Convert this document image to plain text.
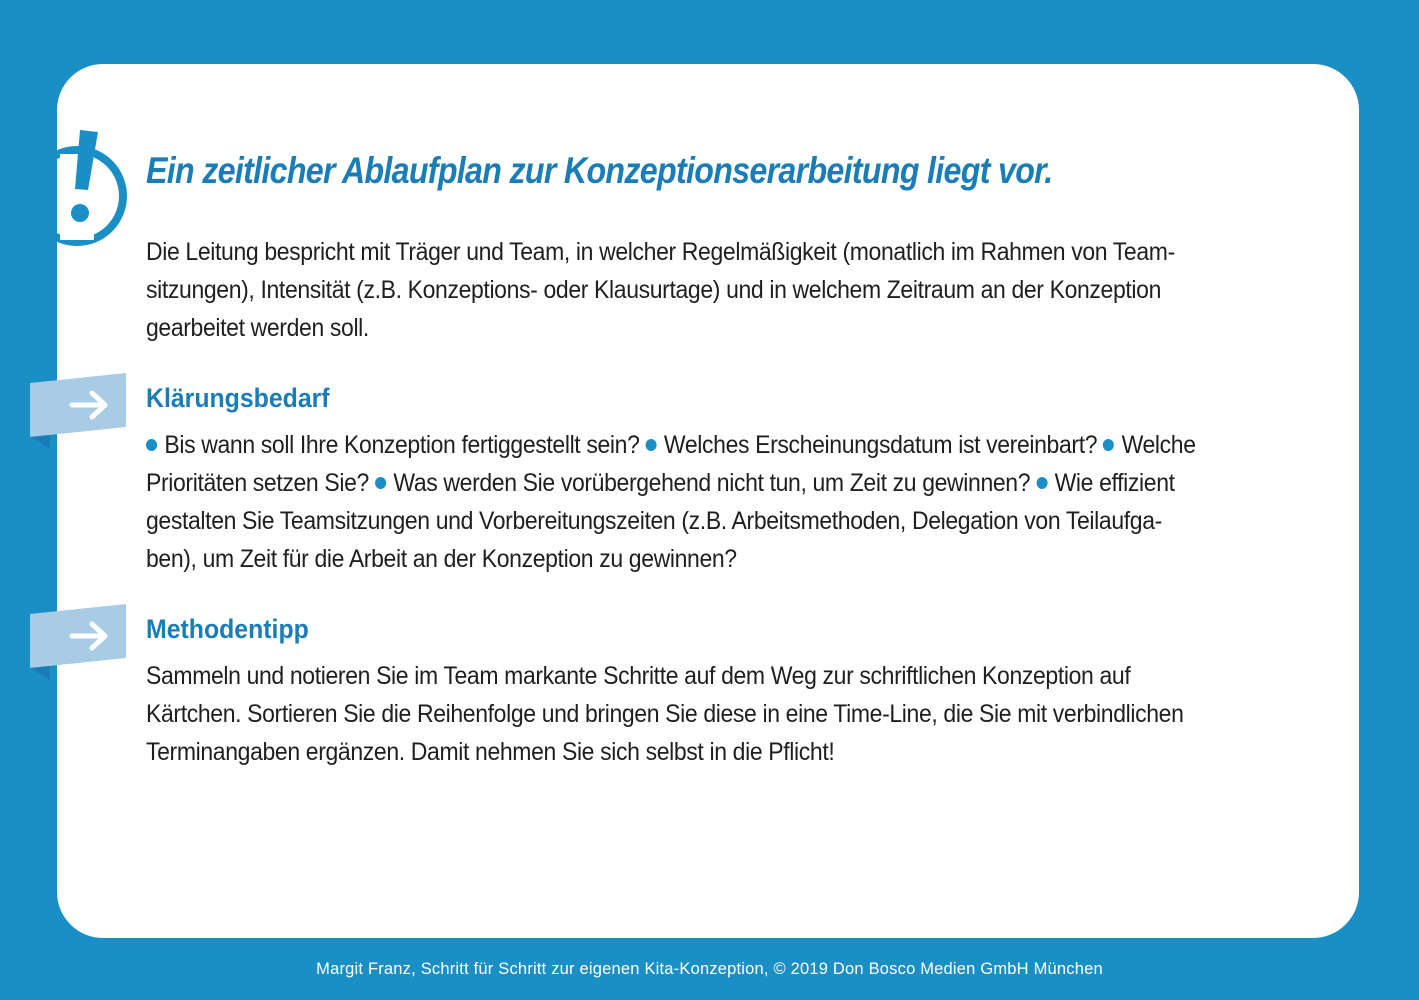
Ein zeitlicher Ablaufplan zur Konzeptionserarbeitung liegt vor.
Die Leitung bespricht mit Träger und Team, in welcher Regelmäßigkeit (monatlich im Rahmen von Team-
sitzungen), Intensität (z.B. Konzeptions- oder Klausurtage) und in welchem Zeitraum an der Konzeption
gearbeitet werden soll.
Klärungsbedarf
Bis wann soll Ihre Konzeption fertiggestellt sein? Welches Erscheinungsdatum ist vereinbart? Welche
Prioritäten setzen Sie? Was werden Sie vorübergehend nicht tun, um Zeit zu gewinnen? Wie effizient
gestalten Sie Teamsitzungen und Vorbereitungszeiten (z.B. Arbeitsmethoden, Delegation von Teilaufga-
ben), um Zeit für die Arbeit an der Konzeption zu gewinnen?
Methodentipp
Sammeln und notieren Sie im Team markante Schritte auf dem Weg zur schriftlichen Konzeption auf
Kärtchen. Sortieren Sie die Reihenfolge und bringen Sie diese in eine Time-Line, die Sie mit verbindlichen
Terminangaben ergänzen. Damit nehmen Sie sich selbst in die Pflicht!
Margit Franz, Schritt für Schritt zur eigenen Kita-Konzeption, © 2019 Don Bosco Medien GmbH München
